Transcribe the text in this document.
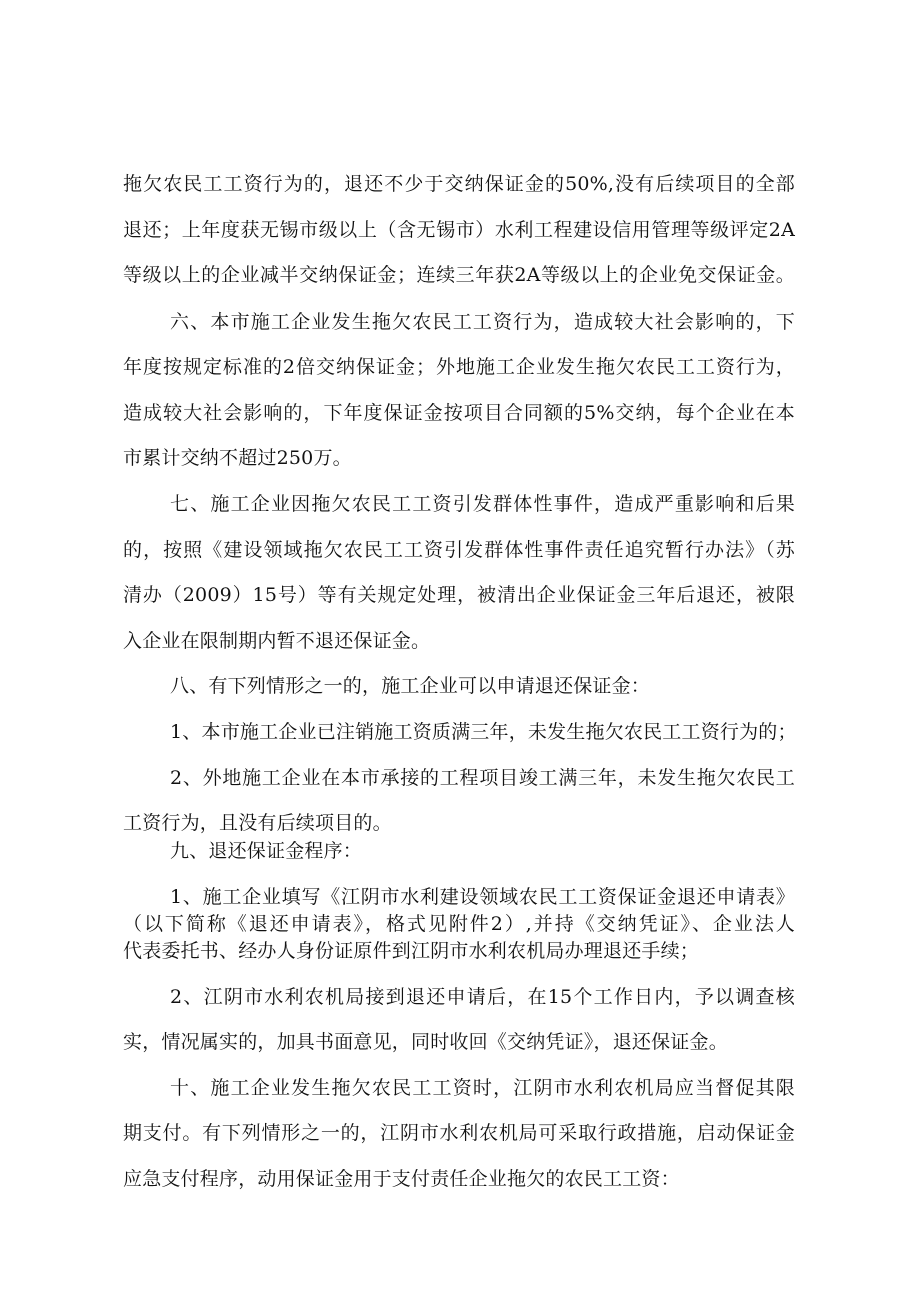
拖欠农民工工资行为的，退还不少于交纳保证金的50%,没有后续项目的全部
退还；上年度获无锡市级以上（含无锡市）水利工程建设信用管理等级评定2A
等级以上的企业减半交纳保证金；连续三年获2A等级以上的企业免交保证金。
六、本市施工企业发生拖欠农民工工资行为，造成较大社会影响的，下
年度按规定标准的2倍交纳保证金；外地施工企业发生拖欠农民工工资行为，
造成较大社会影响的，下年度保证金按项目合同额的5%交纳，每个企业在本
市累计交纳不超过250万。
七、施工企业因拖欠农民工工资引发群体性事件，造成严重影响和后果
的，按照《建设领域拖欠农民工工资引发群体性事件责任追究暂行办法》（苏
清办（2009）15号）等有关规定处理，被清出企业保证金三年后退还，被限
入企业在限制期内暂不退还保证金。
八、有下列情形之一的，施工企业可以申请退还保证金：
1、本市施工企业已注销施工资质满三年，未发生拖欠农民工工资行为的；
2、外地施工企业在本市承接的工程项目竣工满三年，未发生拖欠农民工
工资行为，且没有后续项目的。
九、退还保证金程序：
1、施工企业填写《江阴市水利建设领域农民工工资保证金退还申请表》
（以下简称《退还申请表》，格式见附件2）,并持《交纳凭证》、企业法人
代表委托书、经办人身份证原件到江阴市水利农机局办理退还手续；
2、江阴市水利农机局接到退还申请后，在15个工作日内，予以调查核
实，情况属实的，加具书面意见，同时收回《交纳凭证》，退还保证金。
十、施工企业发生拖欠农民工工资时，江阴市水利农机局应当督促其限
期支付。有下列情形之一的，江阴市水利农机局可采取行政措施，启动保证金
应急支付程序，动用保证金用于支付责任企业拖欠的农民工工资：
